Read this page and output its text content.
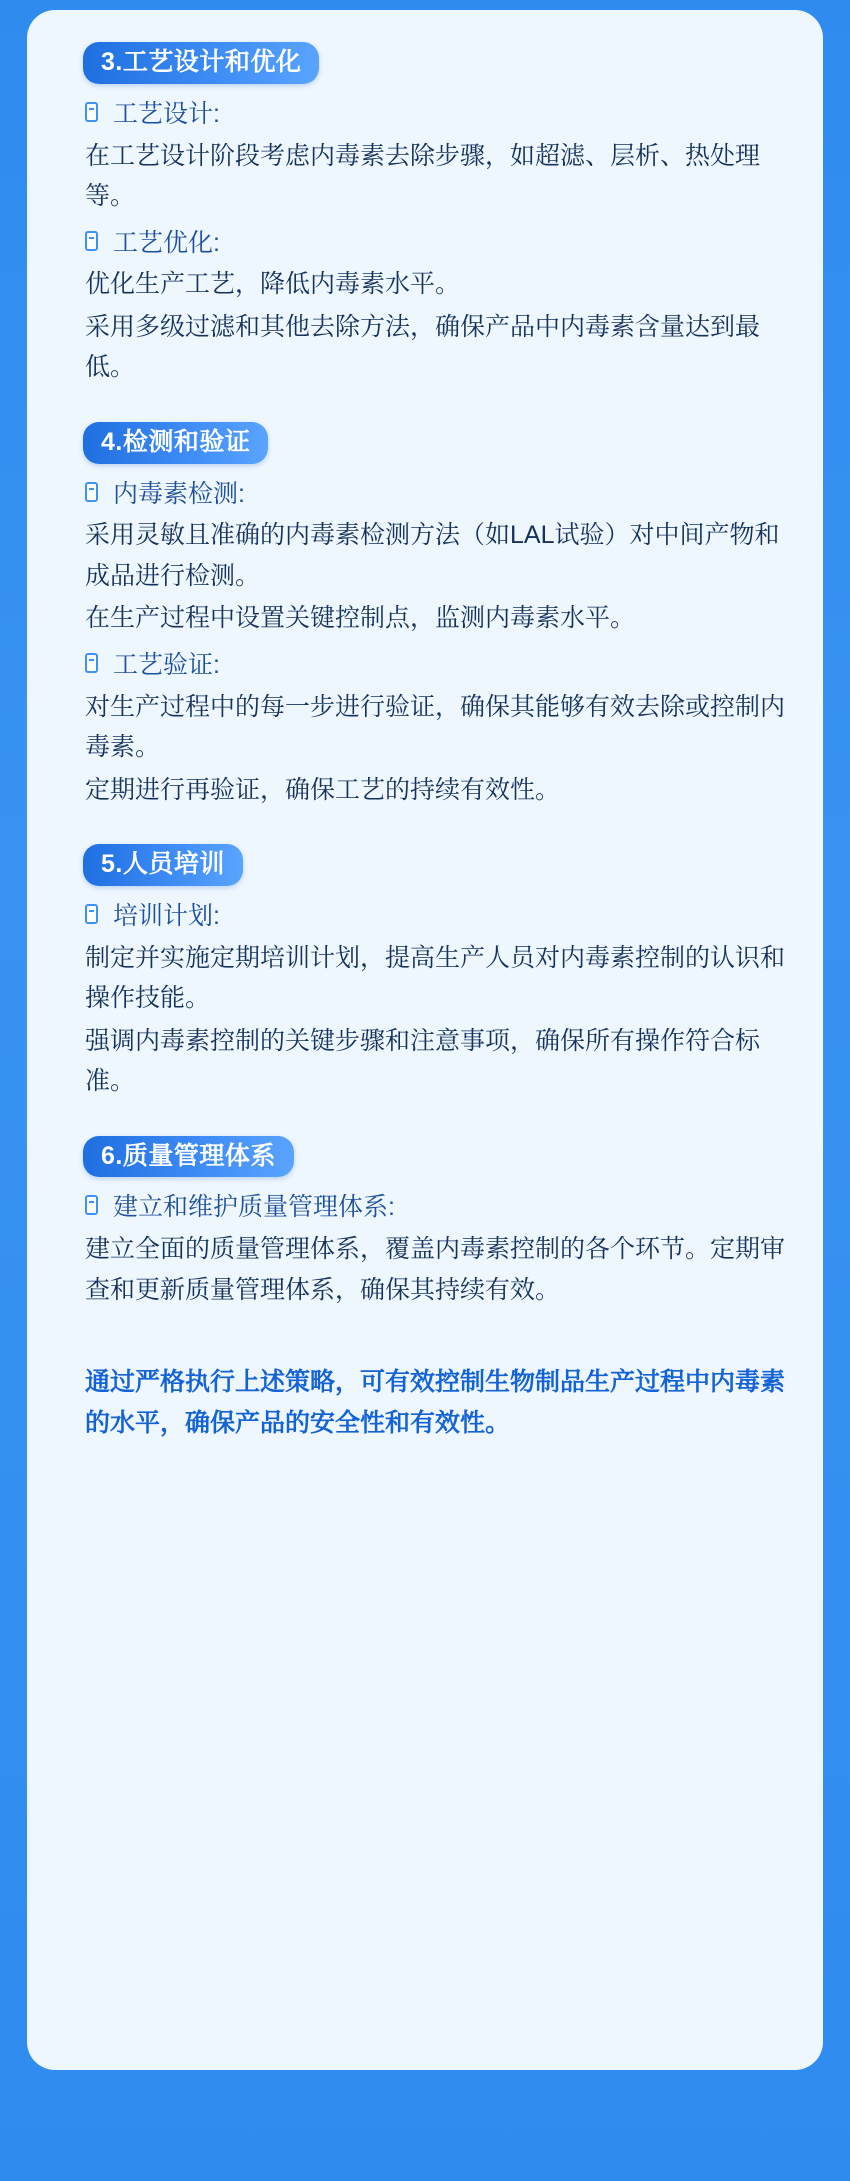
3.工艺设计和优化
工艺设计:

在工艺设计阶段考虑内毒素去除步骤，如超滤、层析、热处理等。

工艺优化:

优化生产工艺，降低内毒素水平。

采用多级过滤和其他去除方法，确保产品中内毒素含量达到最低。

4.检测和验证
内毒素检测:

采用灵敏且准确的内毒素检测方法（如LAL试验）对中间产物和成品进行检测。

在生产过程中设置关键控制点，监测内毒素水平。

工艺验证:

对生产过程中的每一步进行验证，确保其能够有效去除或控制内毒素。

定期进行再验证，确保工艺的持续有效性。

5.人员培训
培训计划:

制定并实施定期培训计划，提高生产人员对内毒素控制的认识和操作技能。

强调内毒素控制的关键步骤和注意事项，确保所有操作符合标准。

6.质量管理体系
建立和维护质量管理体系:

建立全面的质量管理体系，覆盖内毒素控制的各个环节。定期审查和更新质量管理体系，确保其持续有效。

通过严格执行上述策略，可有效控制生物制品生产过程中内毒素的水平，确保产品的安全性和有效性。
